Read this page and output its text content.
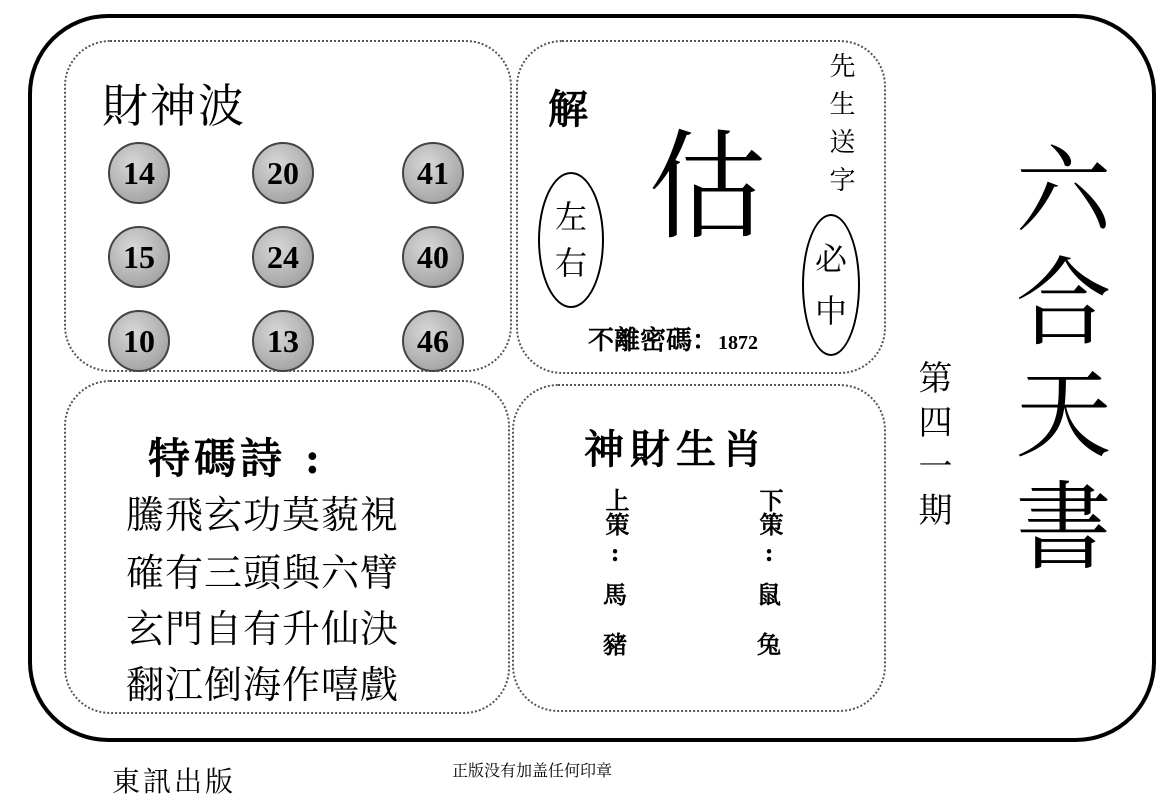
財神波
14	20	41
15	24	40
10	13	46
解
估
左
右
先生送字
必
中
不離密碼：1872
第四一期 六合天書
特碼詩 :
騰飛玄功莫藐視
確有三頭與六臂
玄門自有升仙決
翻江倒海作嘻戲
神財生肖
上策
:
馬
豬
下策
:
鼠
兔
東訊出版	正版没有加盖任何印章
